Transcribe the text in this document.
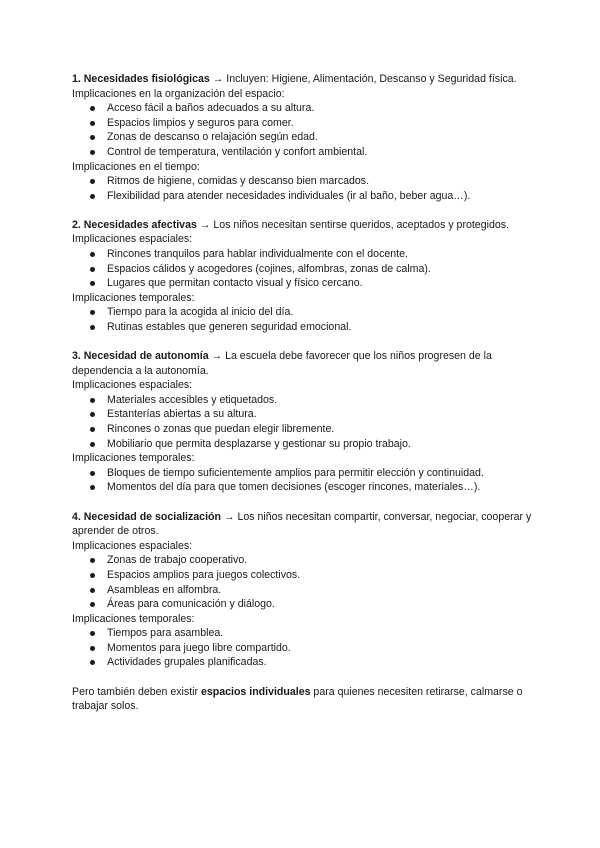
1. Necesidades fisiológicas → Incluyen: Higiene, Alimentación, Descanso y Seguridad física.
Implicaciones en la organización del espacio:
Acceso fácil a baños adecuados a su altura.
Espacios limpios y seguros para comer.
Zonas de descanso o relajación según edad.
Control de temperatura, ventilación y confort ambiental.
Implicaciones en el tiempo:
Ritmos de higiene, comidas y descanso bien marcados.
Flexibilidad para atender necesidades individuales (ir al baño, beber agua…).
2. Necesidades afectivas → Los niños necesitan sentirse queridos, aceptados y protegidos.
Implicaciones espaciales:
Rincones tranquilos para hablar individualmente con el docente.
Espacios cálidos y acogedores (cojines, alfombras, zonas de calma).
Lugares que permitan contacto visual y físico cercano.
Implicaciones temporales:
Tiempo para la acogida al inicio del día.
Rutinas estables que generen seguridad emocional.
3. Necesidad de autonomía → La escuela debe favorecer que los niños progresen de la dependencia a la autonomía.
Implicaciones espaciales:
Materiales accesibles y etiquetados.
Estanterías abiertas a su altura.
Rincones o zonas que puedan elegir libremente.
Mobiliario que permita desplazarse y gestionar su propio trabajo.
Implicaciones temporales:
Bloques de tiempo suficientemente amplios para permitir elección y continuidad.
Momentos del día para que tomen decisiones (escoger rincones, materiales…).
4. Necesidad de socialización → Los niños necesitan compartir, conversar, negociar, cooperar y aprender de otros.
Implicaciones espaciales:
Zonas de trabajo cooperativo.
Espacios amplios para juegos colectivos.
Asambleas en alfombra.
Áreas para comunicación y diálogo.
Implicaciones temporales:
Tiempos para asamblea.
Momentos para juego libre compartido.
Actividades grupales planificadas.
Pero también deben existir espacios individuales para quienes necesiten retirarse, calmarse o trabajar solos.
